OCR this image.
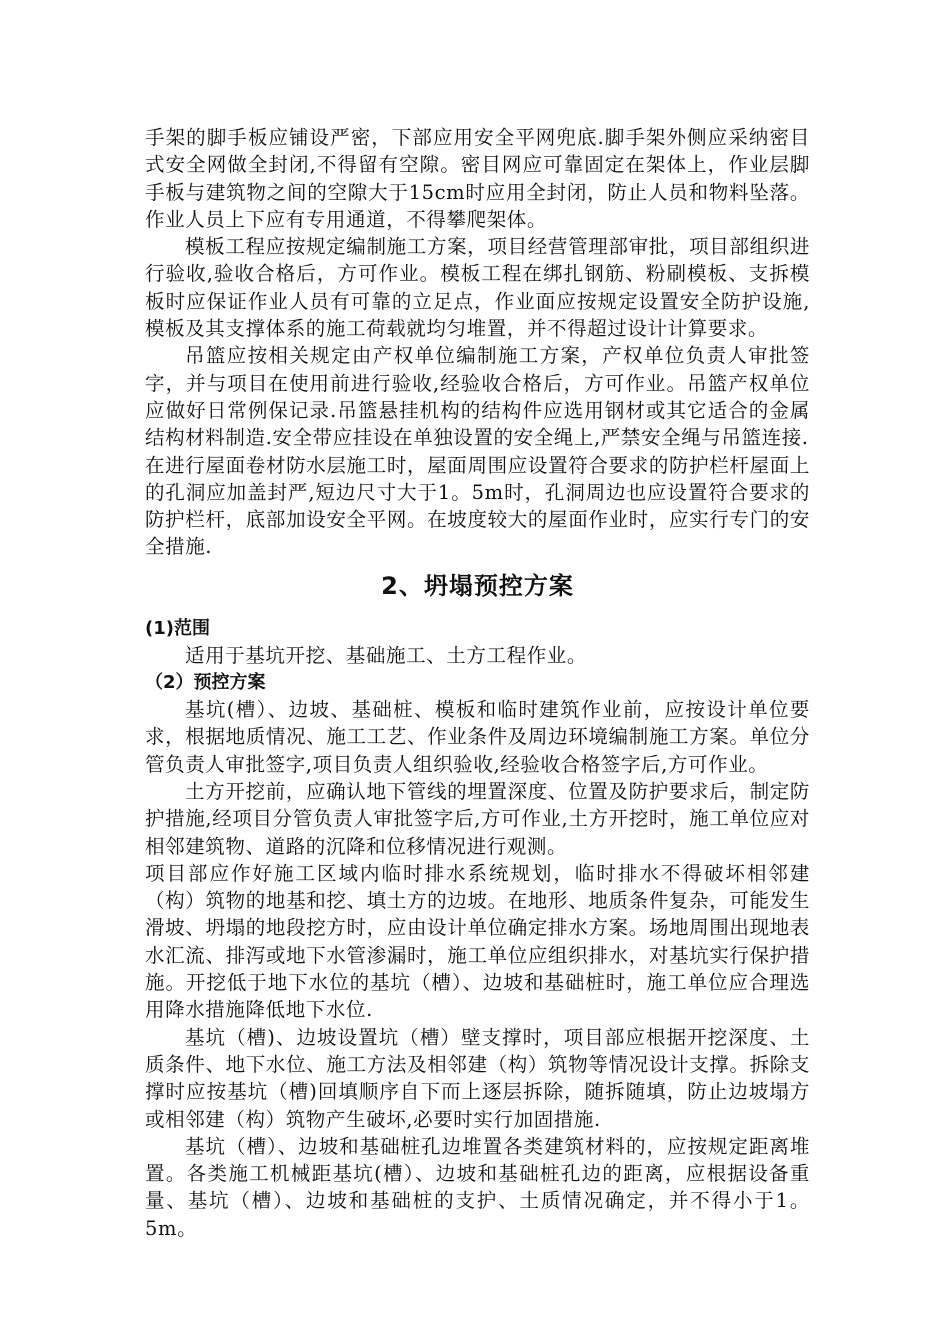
手架的脚手板应铺设严密，下部应用安全平网兜底.脚手架外侧应采纳密目式安全网做全封闭,不得留有空隙。密目网应可靠固定在架体上，作业层脚手板与建筑物之间的空隙大于15cm时应用全封闭，防止人员和物料坠落。作业人员上下应有专用通道，不得攀爬架体。

模板工程应按规定编制施工方案，项目经营管理部审批，项目部组织进行验收,验收合格后，方可作业。模板工程在绑扎钢筋、粉刷模板、支拆模板时应保证作业人员有可靠的立足点，作业面应按规定设置安全防护设施,模板及其支撑体系的施工荷载就均匀堆置，并不得超过设计计算要求。

吊篮应按相关规定由产权单位编制施工方案，产权单位负责人审批签字，并与项目在使用前进行验收,经验收合格后，方可作业。吊篮产权单位应做好日常例保记录.吊篮悬挂机构的结构件应选用钢材或其它适合的金属结构材料制造.安全带应挂设在单独设置的安全绳上,严禁安全绳与吊篮连接.

在进行屋面卷材防水层施工时，屋面周围应设置符合要求的防护栏杆屋面上的孔洞应加盖封严,短边尺寸大于1。5m时，孔洞周边也应设置符合要求的防护栏杆，底部加设安全平网。在坡度较大的屋面作业时，应实行专门的安全措施.

2、坍塌预控方案

(1)范围

适用于基坑开挖、基础施工、土方工程作业。

（2）预控方案

基坑(槽）、边坡、基础桩、模板和临时建筑作业前，应按设计单位要求，根据地质情况、施工工艺、作业条件及周边环境编制施工方案。单位分管负责人审批签字,项目负责人组织验收,经验收合格签字后,方可作业。

土方开挖前，应确认地下管线的埋置深度、位置及防护要求后，制定防护措施,经项目分管负责人审批签字后,方可作业,土方开挖时，施工单位应对相邻建筑物、道路的沉降和位移情况进行观测。

项目部应作好施工区域内临时排水系统规划，临时排水不得破坏相邻建（构）筑物的地基和挖、填土方的边坡。在地形、地质条件复杂，可能发生滑坡、坍塌的地段挖方时，应由设计单位确定排水方案。场地周围出现地表水汇流、排泻或地下水管渗漏时，施工单位应组织排水，对基坑实行保护措施。开挖低于地下水位的基坑（槽）、边坡和基础桩时，施工单位应合理选用降水措施降低地下水位.

基坑（槽)、边坡设置坑（槽）壁支撑时，项目部应根据开挖深度、土质条件、地下水位、施工方法及相邻建（构）筑物等情况设计支撑。拆除支撑时应按基坑（槽)回填顺序自下而上逐层拆除，随拆随填，防止边坡塌方或相邻建（构）筑物产生破坏,必要时实行加固措施.

基坑（槽）、边坡和基础桩孔边堆置各类建筑材料的，应按规定距离堆置。各类施工机械距基坑(槽）、边坡和基础桩孔边的距离，应根据设备重量、基坑（槽）、边坡和基础桩的支护、土质情况确定，并不得小于1。5m。
